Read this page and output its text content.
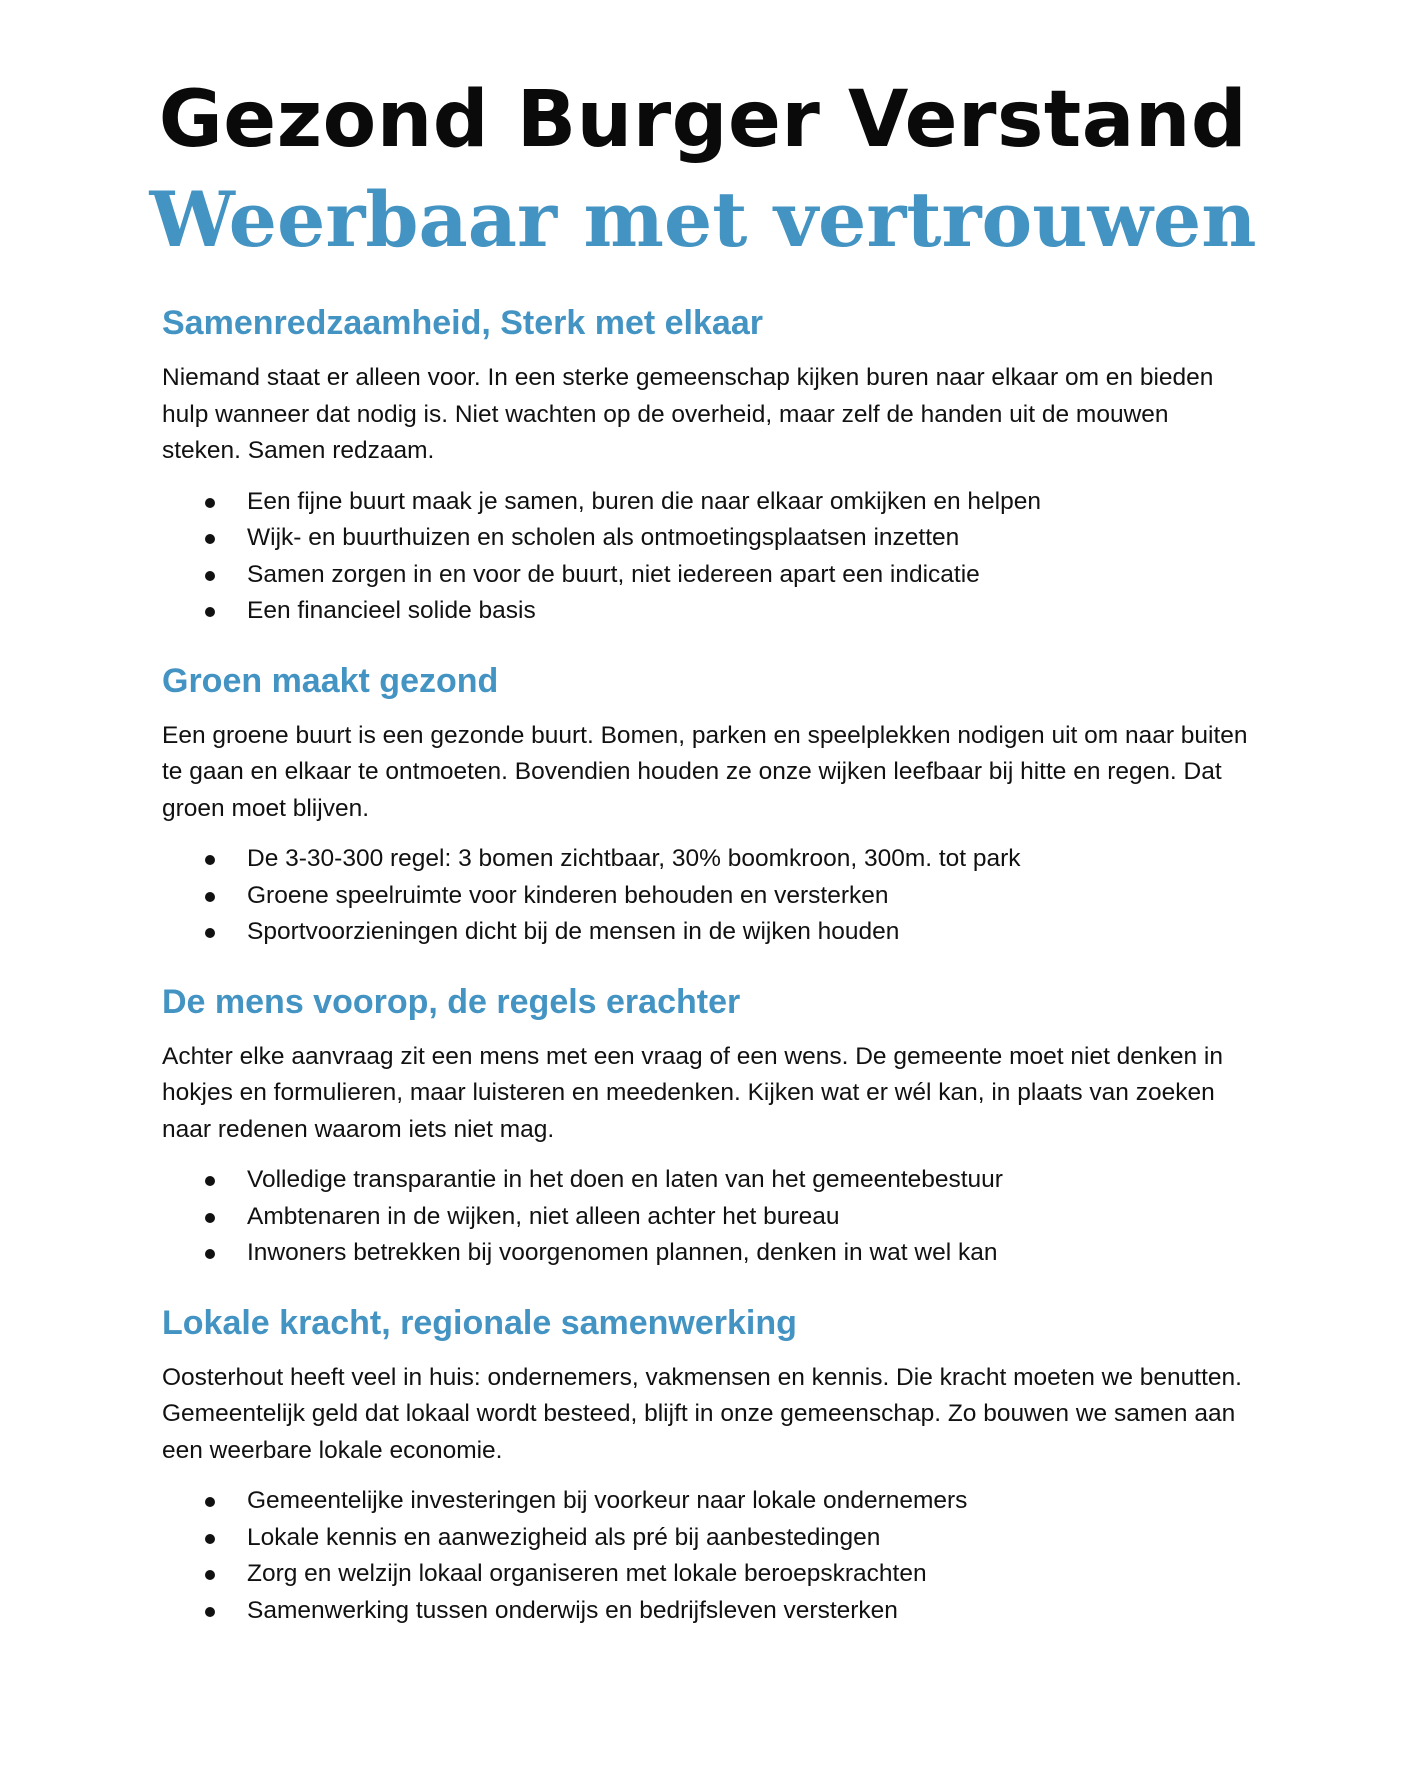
Gezond Burger Verstand
Weerbaar met vertrouwen
Samenredzaamheid, Sterk met elkaar

Niemand staat er alleen voor. In een sterke gemeenschap kijken buren naar elkaar om en bieden hulp wanneer dat nodig is. Niet wachten op de overheid, maar zelf de handen uit de mouwen steken. Samen redzaam.

Een fijne buurt maak je samen, buren die naar elkaar omkijken en helpen
Wijk- en buurthuizen en scholen als ontmoetingsplaatsen inzetten
Samen zorgen in en voor de buurt, niet iedereen apart een indicatie
Een financieel solide basis
Groen maakt gezond

Een groene buurt is een gezonde buurt. Bomen, parken en speelplekken nodigen uit om naar buiten te gaan en elkaar te ontmoeten. Bovendien houden ze onze wijken leefbaar bij hitte en regen. Dat groen moet blijven.

De 3-30-300 regel: 3 bomen zichtbaar, 30% boomkroon, 300m. tot park
Groene speelruimte voor kinderen behouden en versterken
Sportvoorzieningen dicht bij de mensen in de wijken houden
De mens voorop, de regels erachter

Achter elke aanvraag zit een mens met een vraag of een wens. De gemeente moet niet denken in hokjes en formulieren, maar luisteren en meedenken. Kijken wat er wél kan, in plaats van zoeken naar redenen waarom iets niet mag.

Volledige transparantie in het doen en laten van het gemeentebestuur
Ambtenaren in de wijken, niet alleen achter het bureau
Inwoners betrekken bij voorgenomen plannen, denken in wat wel kan
Lokale kracht, regionale samenwerking

Oosterhout heeft veel in huis: ondernemers, vakmensen en kennis. Die kracht moeten we benutten. Gemeentelijk geld dat lokaal wordt besteed, blijft in onze gemeenschap. Zo bouwen we samen aan een weerbare lokale economie.

Gemeentelijke investeringen bij voorkeur naar lokale ondernemers
Lokale kennis en aanwezigheid als pré bij aanbestedingen
Zorg en welzijn lokaal organiseren met lokale beroepskrachten
Samenwerking tussen onderwijs en bedrijfsleven versterken
